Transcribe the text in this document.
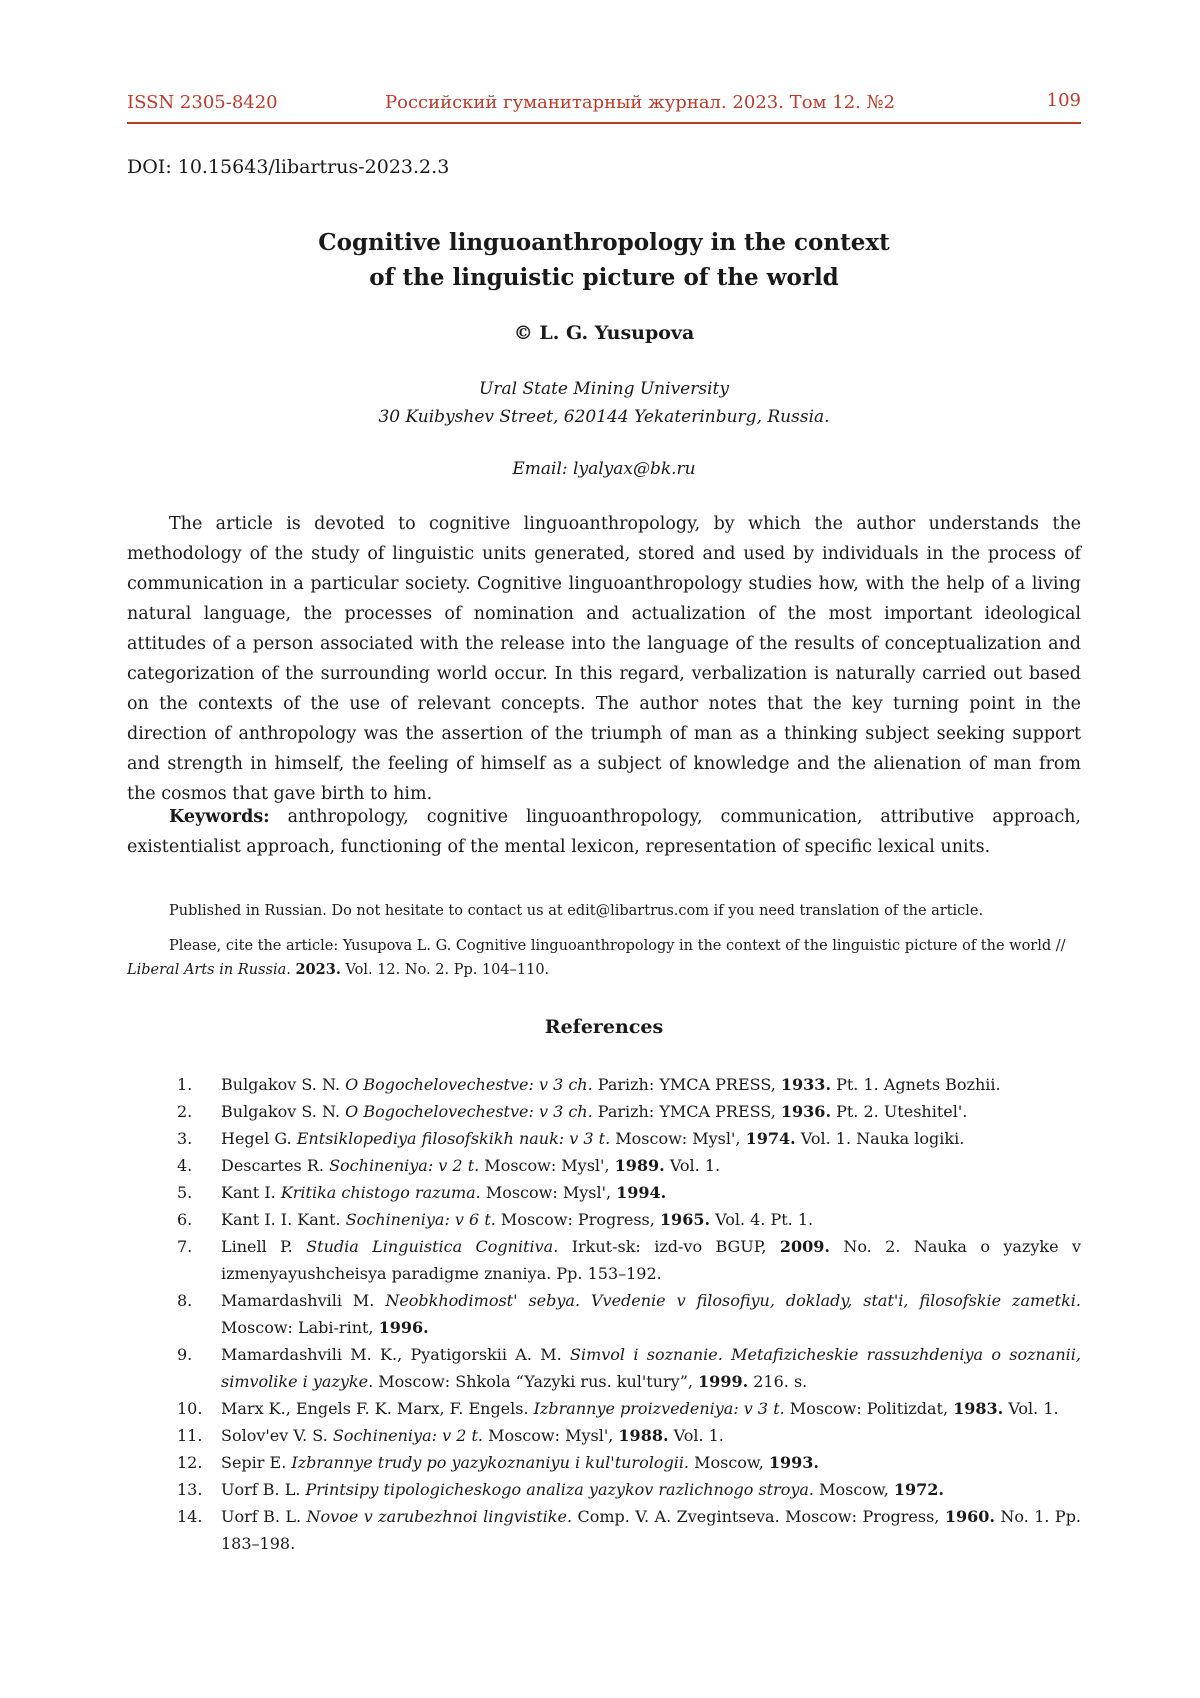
ISSN 2305-8420	Российский гуманитарный журнал. 2023. Том 12. №2	109
DOI: 10.15643/libartrus-2023.2.3
Cognitive linguoanthropology in the context
of the linguistic picture of the world
© L. G. Yusupova
Ural State Mining University
30 Kuibyshev Street, 620144 Yekaterinburg, Russia.
Email: lyalyax@bk.ru

The article is devoted to cognitive linguoanthropology, by which the author understands the methodology of the study of linguistic units generated, stored and used by individuals in the process of communication in a particular society. Cognitive linguoanthropology studies how, with the help of a living natural language, the processes of nomination and actualization of the most important ideological attitudes of a person associated with the release into the language of the results of conceptualization and categorization of the surrounding world occur. In this regard, verbalization is naturally carried out based on the contexts of the use of relevant concepts. The author notes that the key turning point in the direction of anthropology was the assertion of the triumph of man as a thinking subject seeking support and strength in himself, the feeling of himself as a subject of knowledge and the alienation of man from the cosmos that gave birth to him.

Keywords: anthropology, cognitive linguoanthropology, communication, attributive approach, existentialist approach, functioning of the mental lexicon, representation of specific lexical units.

Published in Russian. Do not hesitate to contact us at edit@libartrus.com if you need translation of the article.

Please, cite the article: Yusupova L. G. Cognitive linguoanthropology in the context of the linguistic picture of the world // Liberal Arts in Russia. 2023. Vol. 12. No. 2. Pp. 104–110.

References
1.	Bulgakov S. N. O Bogochelovechestve: v 3 ch. Parizh: YMCA PRESS, 1933. Pt. 1. Agnets Bozhii.
2.	Bulgakov S. N. O Bogochelovechestve: v 3 ch. Parizh: YMCA PRESS, 1936. Pt. 2. Uteshitel'.
3.	Hegel G. Entsiklopediya filosofskikh nauk: v 3 t. Moscow: Mysl', 1974. Vol. 1. Nauka logiki.
4.	Descartes R. Sochineniya: v 2 t. Moscow: Mysl', 1989. Vol. 1.
5.	Kant I. Kritika chistogo razuma. Moscow: Mysl', 1994.
6.	Kant I. I. Kant. Sochineniya: v 6 t. Moscow: Progress, 1965. Vol. 4. Pt. 1.
7.	Linell P. Studia Linguistica Cognitiva. Irkut-sk: izd-vo BGUP, 2009. No. 2. Nauka o yazyke v izmenyayushcheisya paradigme znaniya. Pp. 153–192.
8.	Mamardashvili M. Neobkhodimost' sebya. Vvedenie v filosofiyu, doklady, stat'i, filosofskie zametki. Moscow: Labi-rint, 1996.
9.	Mamardashvili M. K., Pyatigorskii A. M. Simvol i soznanie. Metafizicheskie rassuzhdeniya o soznanii, simvolike i yazyke. Moscow: Shkola “Yazyki rus. kul'tury”, 1999. 216. s.
10.	Marx K., Engels F. K. Marx, F. Engels. Izbrannye proizvedeniya: v 3 t. Moscow: Politizdat, 1983. Vol. 1.
11.	Solov'ev V. S. Sochineniya: v 2 t. Moscow: Mysl', 1988. Vol. 1.
12.	Sepir E. Izbrannye trudy po yazykoznaniyu i kul'turologii. Moscow, 1993.
13.	Uorf B. L. Printsipy tipologicheskogo analiza yazykov razlichnogo stroya. Moscow, 1972.
14.	Uorf B. L. Novoe v zarubezhnoi lingvistike. Comp. V. A. Zvegintseva. Moscow: Progress, 1960. No. 1. Pp. 183–198.
